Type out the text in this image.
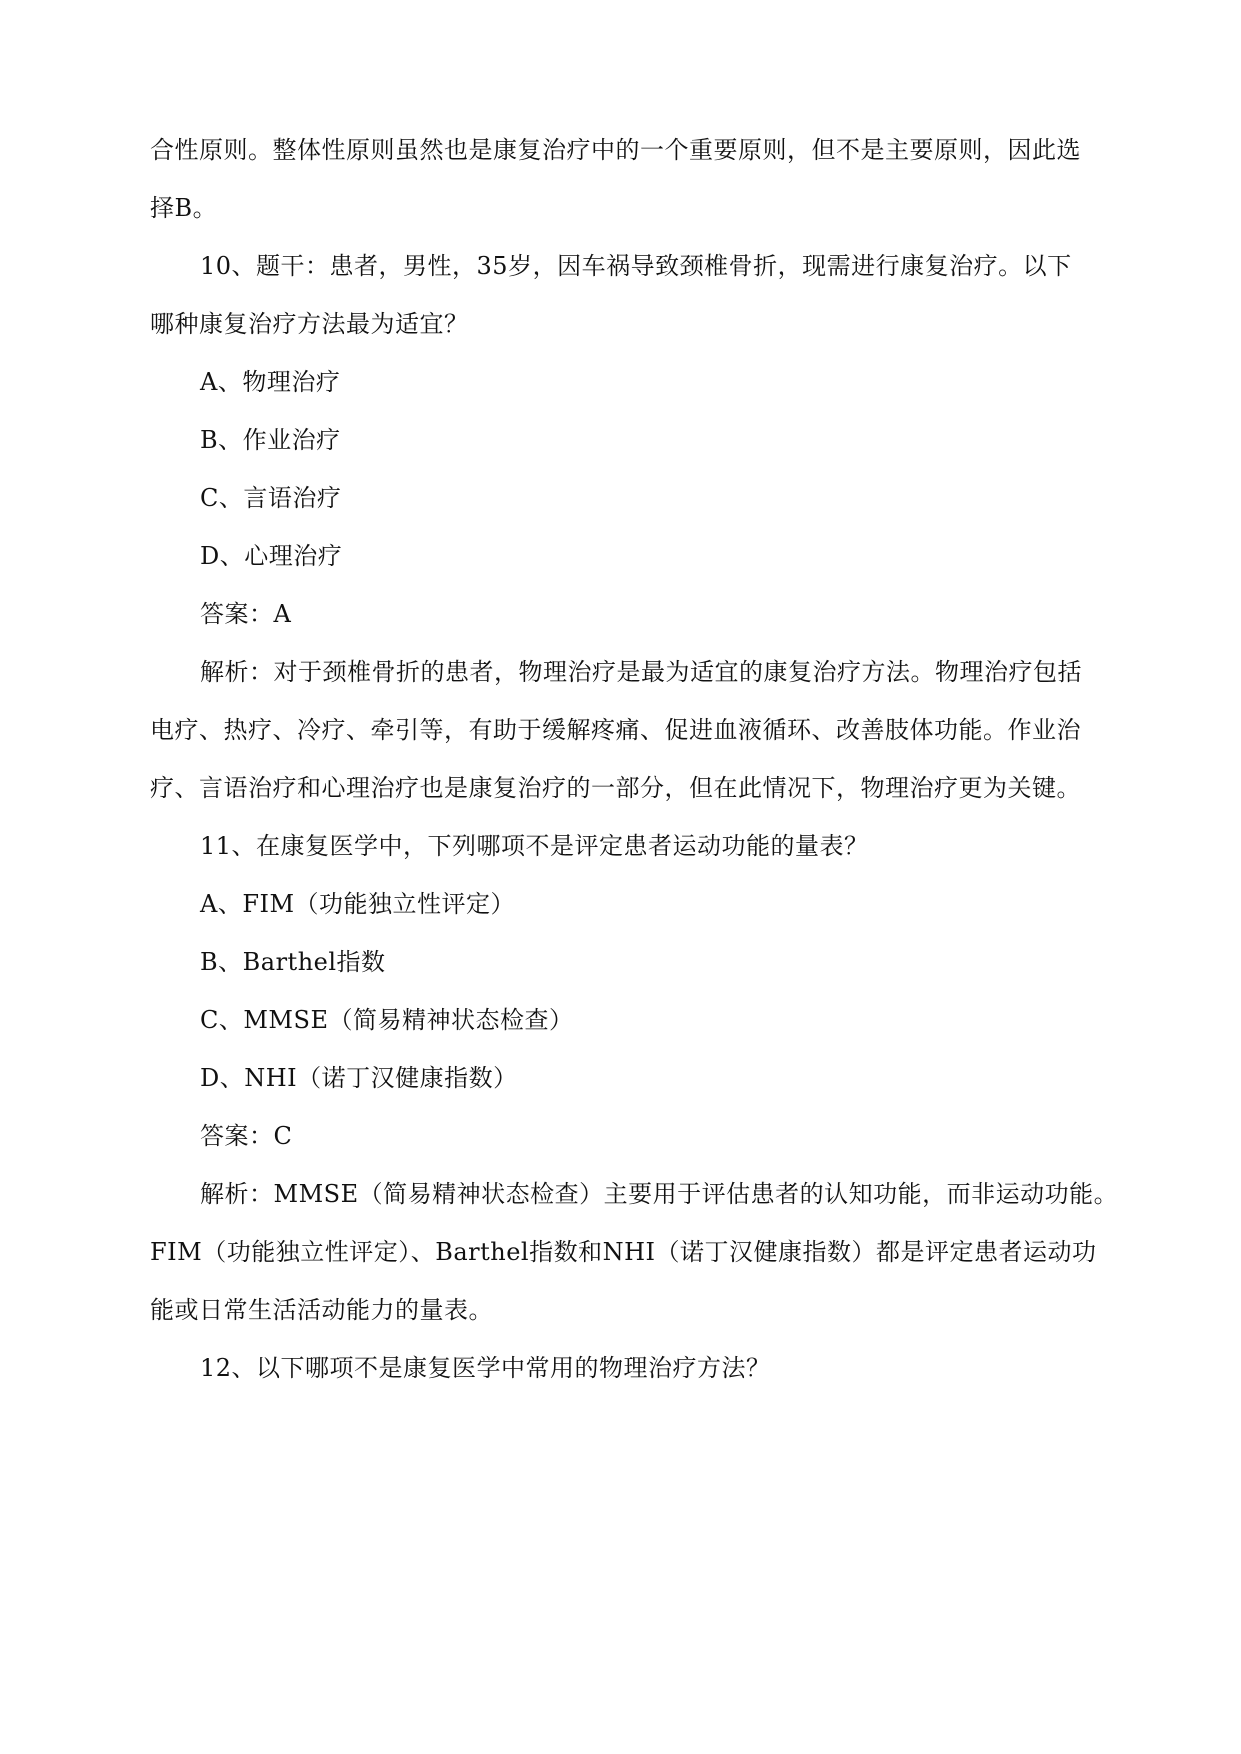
合性原则。整体性原则虽然也是康复治疗中的一个重要原则，但不是主要原则，因此选
择B。
10、题干：患者，男性，35岁，因车祸导致颈椎骨折，现需进行康复治疗。以下
哪种康复治疗方法最为适宜？
A、物理治疗
B、作业治疗
C、言语治疗
D、心理治疗
答案：A
解析：对于颈椎骨折的患者，物理治疗是最为适宜的康复治疗方法。物理治疗包括
电疗、热疗、冷疗、牵引等，有助于缓解疼痛、促进血液循环、改善肢体功能。作业治
疗、言语治疗和心理治疗也是康复治疗的一部分，但在此情况下，物理治疗更为关键。
11、在康复医学中，下列哪项不是评定患者运动功能的量表？
A、FIM（功能独立性评定）
B、Barthel指数
C、MMSE（简易精神状态检查）
D、NHI（诺丁汉健康指数）
答案：C
解析：MMSE（简易精神状态检查）主要用于评估患者的认知功能，而非运动功能。
FIM（功能独立性评定）、Barthel指数和NHI（诺丁汉健康指数）都是评定患者运动功
能或日常生活活动能力的量表。
12、以下哪项不是康复医学中常用的物理治疗方法？
